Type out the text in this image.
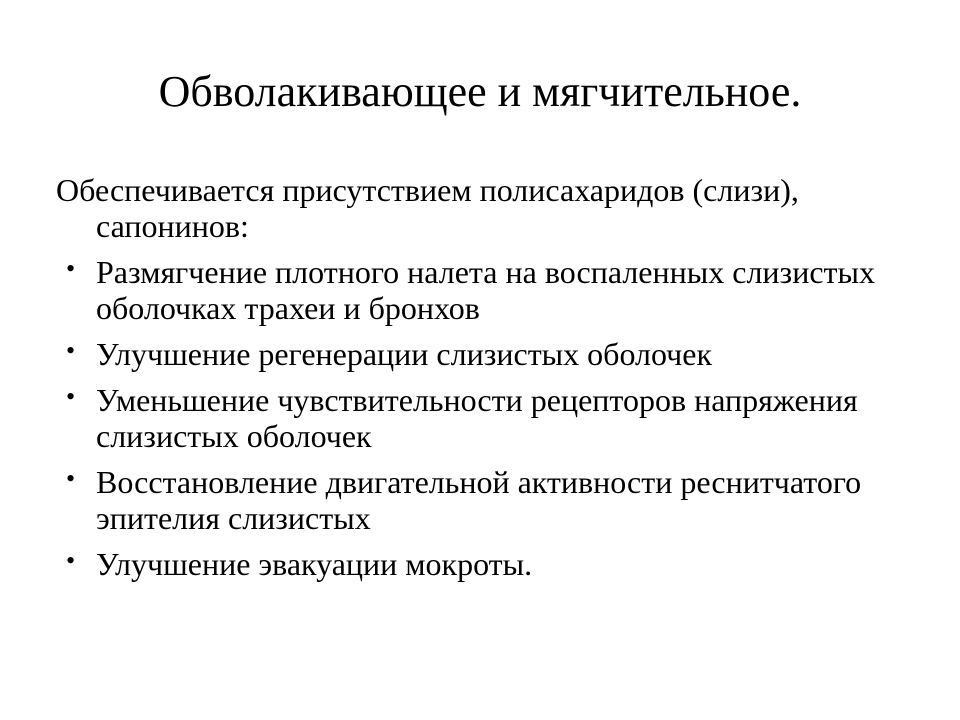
Обволакивающее и мягчительное.

Обеспечивается присутствием полисахаридов (слизи), сапонинов:

• Размягчение плотного налета на воспаленных слизистых оболочках трахеи и бронхов
• Улучшение регенерации слизистых оболочек
• Уменьшение чувствительности рецепторов напряжения слизистых оболочек
• Восстановление двигательной активности реснитчатого эпителия слизистых
• Улучшение эвакуации мокроты.
